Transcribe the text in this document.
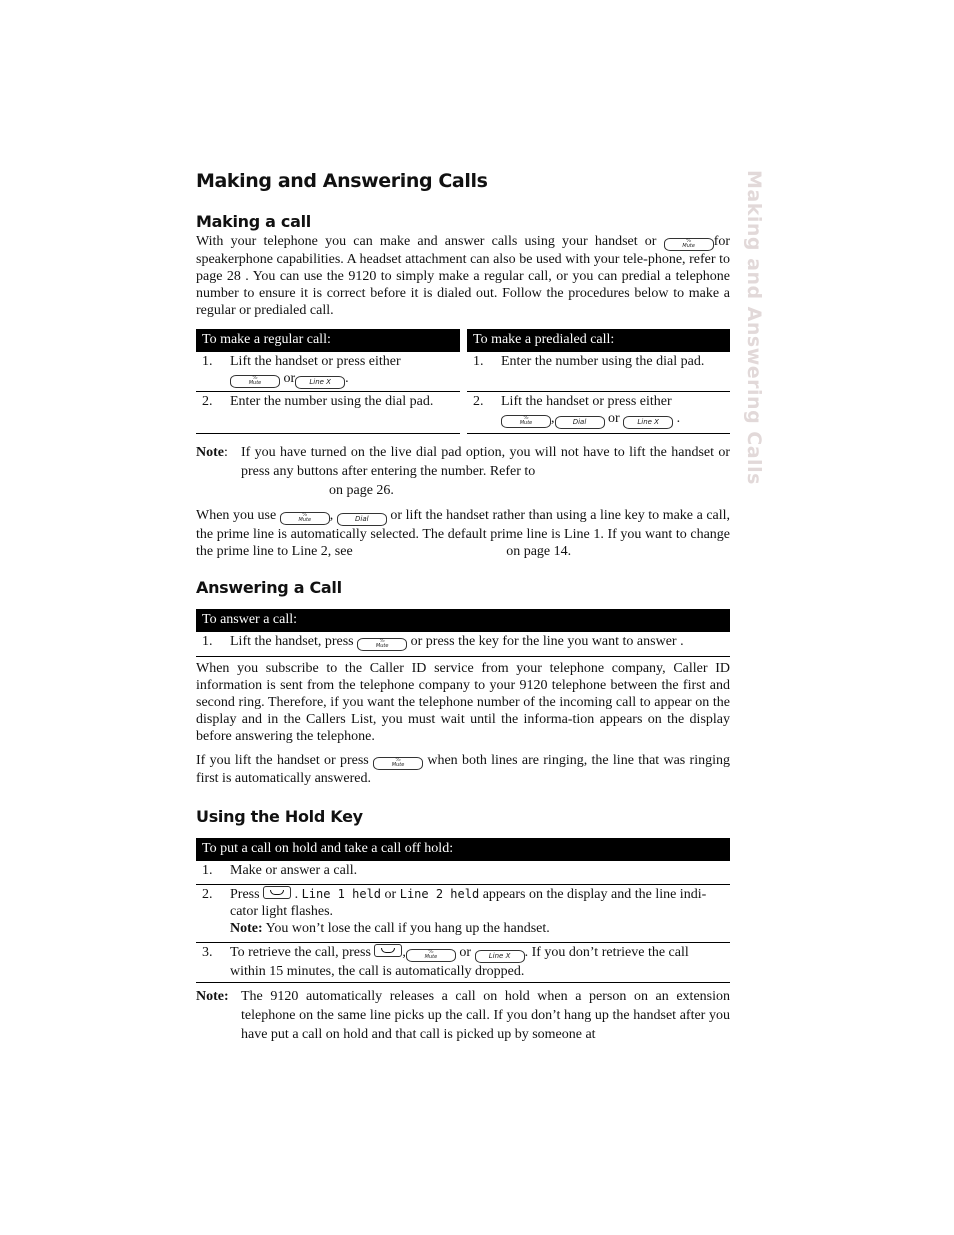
Making and Answering Calls
Making and Answering Calls
Making a call

With your telephone you can make and answer calls using your handset or	⁰⁄₀
Mute for speakerphone capabilities. A headset attachment can also be used with your tele-phone, refer to page 28 . You can use the 9120 to simply make a regular call, or you can predial a telephone number to ensure it is correct before it is dialed out. Follow the procedures below to make a regular or predialed call.

To make a regular call:
1. Lift the handset or press either
⁰⁄₀
Mute or Line X .
2. Enter the number using the dial pad.
To make a predialed call:
1. Enter the number using the dial pad.
2. Lift the handset or press either
⁰⁄₀
Mute ,	Dial or	Line X .
Note: If you have turned on the live dial pad option, you will not have to lift the handset or press any buttons after entering the number. Refer to
on page 26.

When you use	⁰⁄₀
Mute ,	Dial or lift the handset rather than using a line key to make a call, the prime line is automatically selected. The default prime line is Line 1. If you want to change the prime line to Line 2, see	on page 14.

Answering a Call
To answer a call:
1. Lift the handset, press	⁰⁄₀
Mute or press the key for the line you want to answer .

When you subscribe to the Caller ID service from your telephone company, Caller ID information is sent from the telephone company to your 9120 telephone between the first and second ring. Therefore, if you want the telephone number of the incoming call to appear on the display and in the Callers List, you must wait until the informa-tion appears on the display before answering the telephone.

If you lift the handset or press	⁰⁄₀
Mute when both lines are ringing, the line that was ringing first is automatically answered.

Using the Hold Key
To put a call on hold and take a call off hold:
1. Make or answer a call.
2. Press	. Line 1 held or Line 2 held appears on the display and the line indi-cator light flashes.
Note: You won’t lose the call if you hang up the handset.
3. To retrieve the call, press ,	⁰⁄₀
Mute or	Line X . If you don’t retrieve the call within 15 minutes, the call is automatically dropped.
Note: The 9120 automatically releases a call on hold when a person on an extension telephone on the same line picks up the call. If you don’t hang up the handset after you have put a call on hold and that call is picked up by someone at
